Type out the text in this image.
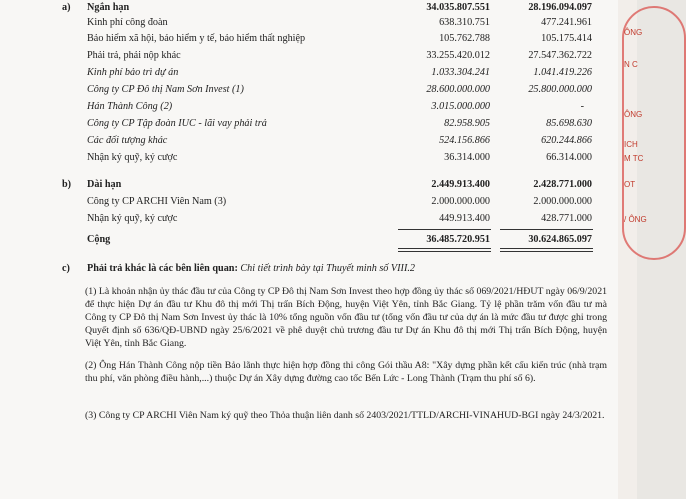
a) Ngắn hạn	34.035.807.551	28.196.094.097
Kinh phí công đoàn	638.310.751	477.241.961
Bảo hiểm xã hội, bảo hiểm y tế, bảo hiểm thất nghiệp	105.762.788	105.175.414
Phải trả, phải nộp khác	33.255.420.012	27.547.362.722
Kinh phí bảo trì dự án	1.033.304.241	1.041.419.226
Công ty CP Đô thị Nam Sơn Invest (1)	28.600.000.000	25.800.000.000
Hán Thành Công (2)	3.015.000.000	-
Công ty CP Tập đoàn IUC - lãi vay phải trả	82.958.905	85.698.630
Các đối tượng khác	524.156.866	620.244.866
Nhận ký quỹ, ký cược	36.314.000	66.314.000
b) Dài hạn	2.449.913.400	2.428.771.000
Công ty CP ARCHI Viên Nam (3)	2.000.000.000	2.000.000.000
Nhận ký quỹ, ký cược	449.913.400	428.771.000
Cộng	36.485.720.951	30.624.865.097
c) Phải trả khác là các bên liên quan: Chi tiết trình bày tại Thuyết minh số VIII.2
(1) Là khoản nhận ủy thác đầu tư của Công ty CP Đô thị Nam Sơn Invest theo hợp đồng ủy thác số 069/2021/HĐUT ngày 06/9/2021 để thực hiện Dự án đầu tư Khu đô thị mới Thị trấn Bích Động, huyện Việt Yên, tỉnh Bắc Giang. Tỷ lệ phần trăm vốn đầu tư mà Công ty CP Đô thị Nam Sơn Invest ủy thác là 10% tổng nguồn vốn đầu tư (tổng vốn đầu tư của dự án là mức đầu tư được ghi trong Quyết định số 636/QĐ-UBND ngày 25/6/2021 về phê duyệt chủ trương đầu tư Dự án Khu đô thị mới Thị trấn Bích Động, huyện Việt Yên, tỉnh Bắc Giang.
(2) Ông Hán Thành Công nộp tiền Bảo lãnh thực hiện hợp đồng thi công Gói thầu A8: "Xây dựng phần kết cấu kiến trúc (nhà trạm thu phí, văn phòng điều hành,...) thuộc Dự án Xây dựng đường cao tốc Bến Lức - Long Thành (Trạm thu phí số 6).
(3) Công ty CP ARCHI Viên Nam ký quỹ theo Thỏa thuận liên danh số 2403/2021/TTLD/ARCHI-VINAHUD-BGI ngày 24/3/2021.
ÔNG
N C
ÔNG
ICH
M TC
OT
/ ÔNG
